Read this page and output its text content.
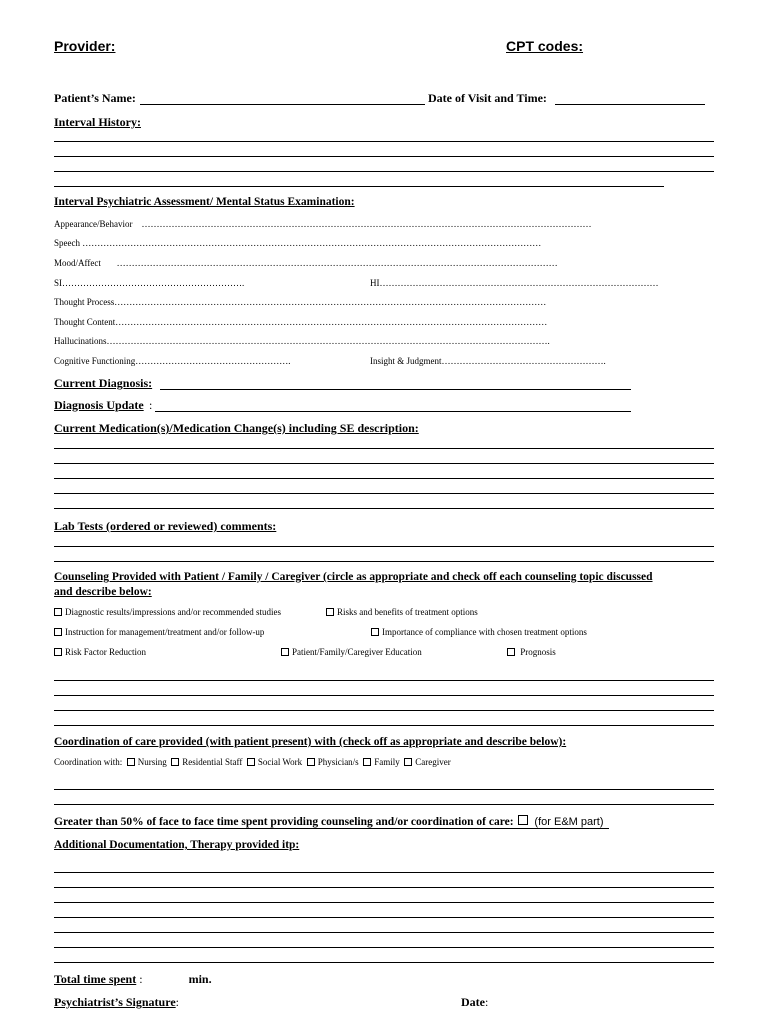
Provider:	CPT codes:
Patient’s Name:	Date of Visit and Time:
Interval History:
Interval Psychiatric Assessment/ Mental Status Examination:
Appearance/Behavior    ……………………………………………………………………………………………………………………………………
Speech ………………………………………………………………………………………………………………………………………
Mood/Affect       …………………………………………………………………………………………………………………………………
SI…………………………………………………….	HI…………………………………………………………………………………
Thought Process………………………………………………………………………………………………………………………………
Thought Content………………………………………………………………………………………………………………………………
Hallucinations………………………………………………………………………………………………………………………………….
Cognitive Functioning…………………………………………….	Insight & Judgment……………………………………………….
Current Diagnosis:
Diagnosis Update :
Current Medication(s)/Medication Change(s) including SE description:
Lab Tests (ordered or reviewed) comments:
Counseling Provided with Patient / Family / Caregiver (circle as appropriate and check off each counseling topic discussed
and describe below:
Diagnostic results/impressions and/or recommended studies	Risks and benefits of treatment options
Instruction for management/treatment and/or follow-up	Importance of compliance with chosen treatment options
Risk Factor Reduction	Patient/Family/Caregiver Education	Prognosis
Coordination of care provided (with patient present) with (check off as appropriate and describe below):
Coordination with: Nursing Residential Staff Social Work Physician/s Family Caregiver
Greater than 50% of face to face time spent providing counseling and/or coordination of care: (for E&M part)
Additional Documentation, Therapy provided itp:
Total time spent :	min.
Psychiatrist’s Signature:	Date:
